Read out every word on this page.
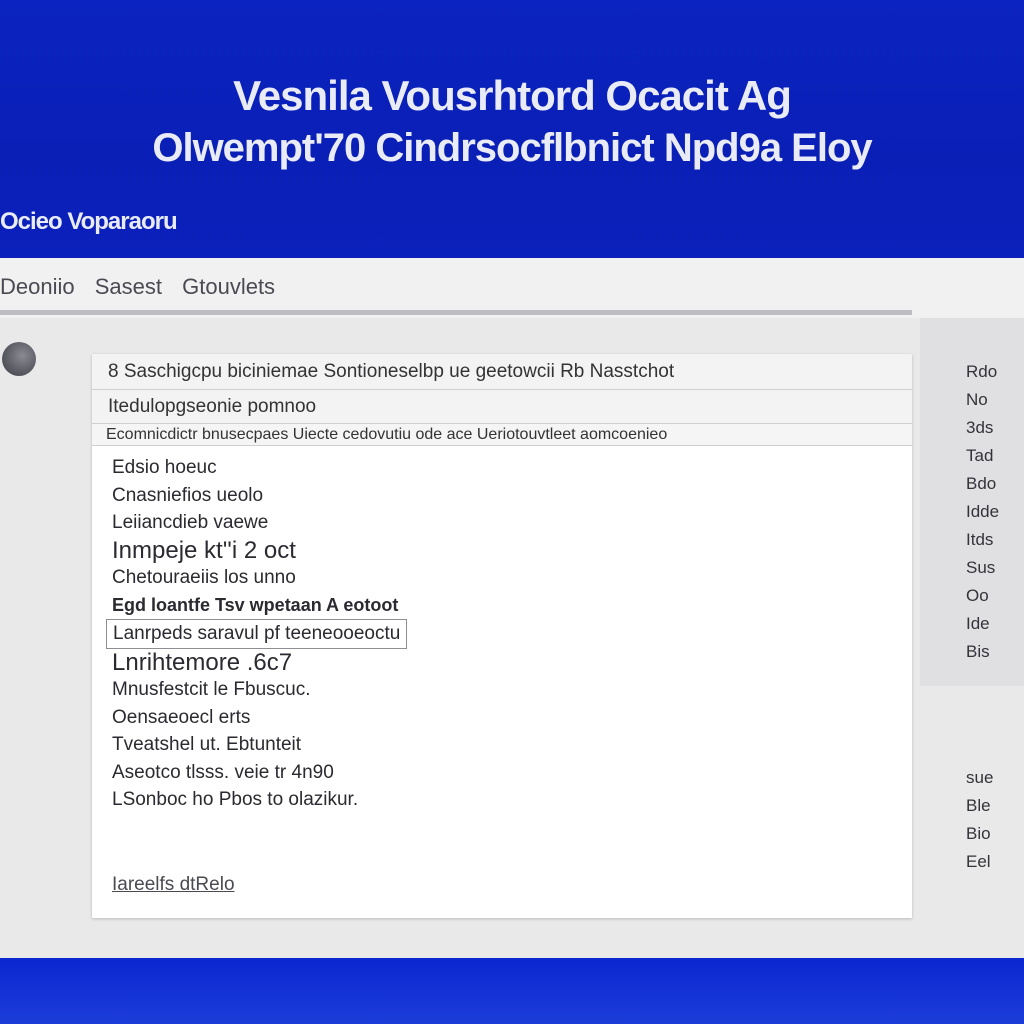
Vesnila Vousrhtord Ocacit Ag
Olwempt'70 Cindrsocflbnict Npd9a Eloy
Ocieo Voparaoru
Deoniio Sasest Gtouvlets
Rdo
No
3ds
Tad
Bdo
Idde
Itds
Sus
Oo
Ide
Bis
sue
Ble
Bio
Eel
8 Saschigcpu biciniemae Sontioneselbp ue geetowcii Rb Nasstchot
Itedulopgseonie pomnoo
Ecomnicdictr bnusecpaes Uiecte cedovutiu ode ace Ueriotouvtleet aomcoenieo
Edsio hoeuc
Cnasniefios ueolo
Leiiancdieb vaewe
Inmpeje kt''i 2 oct
Chetouraeiis los unno
Egd loantfe Tsv wpetaan A eotoot
Lanrpeds saravul pf teeneooeoctu
Lnrihtemore .6c7
Mnusfestcit le Fbuscuc.
Oensaeoecl erts
Tveatshel ut. Ebtunteit
Aseotco tlsss. veie tr 4n90
LSonboc ho Pbos to olazikur.
Iareelfs dtRelo
